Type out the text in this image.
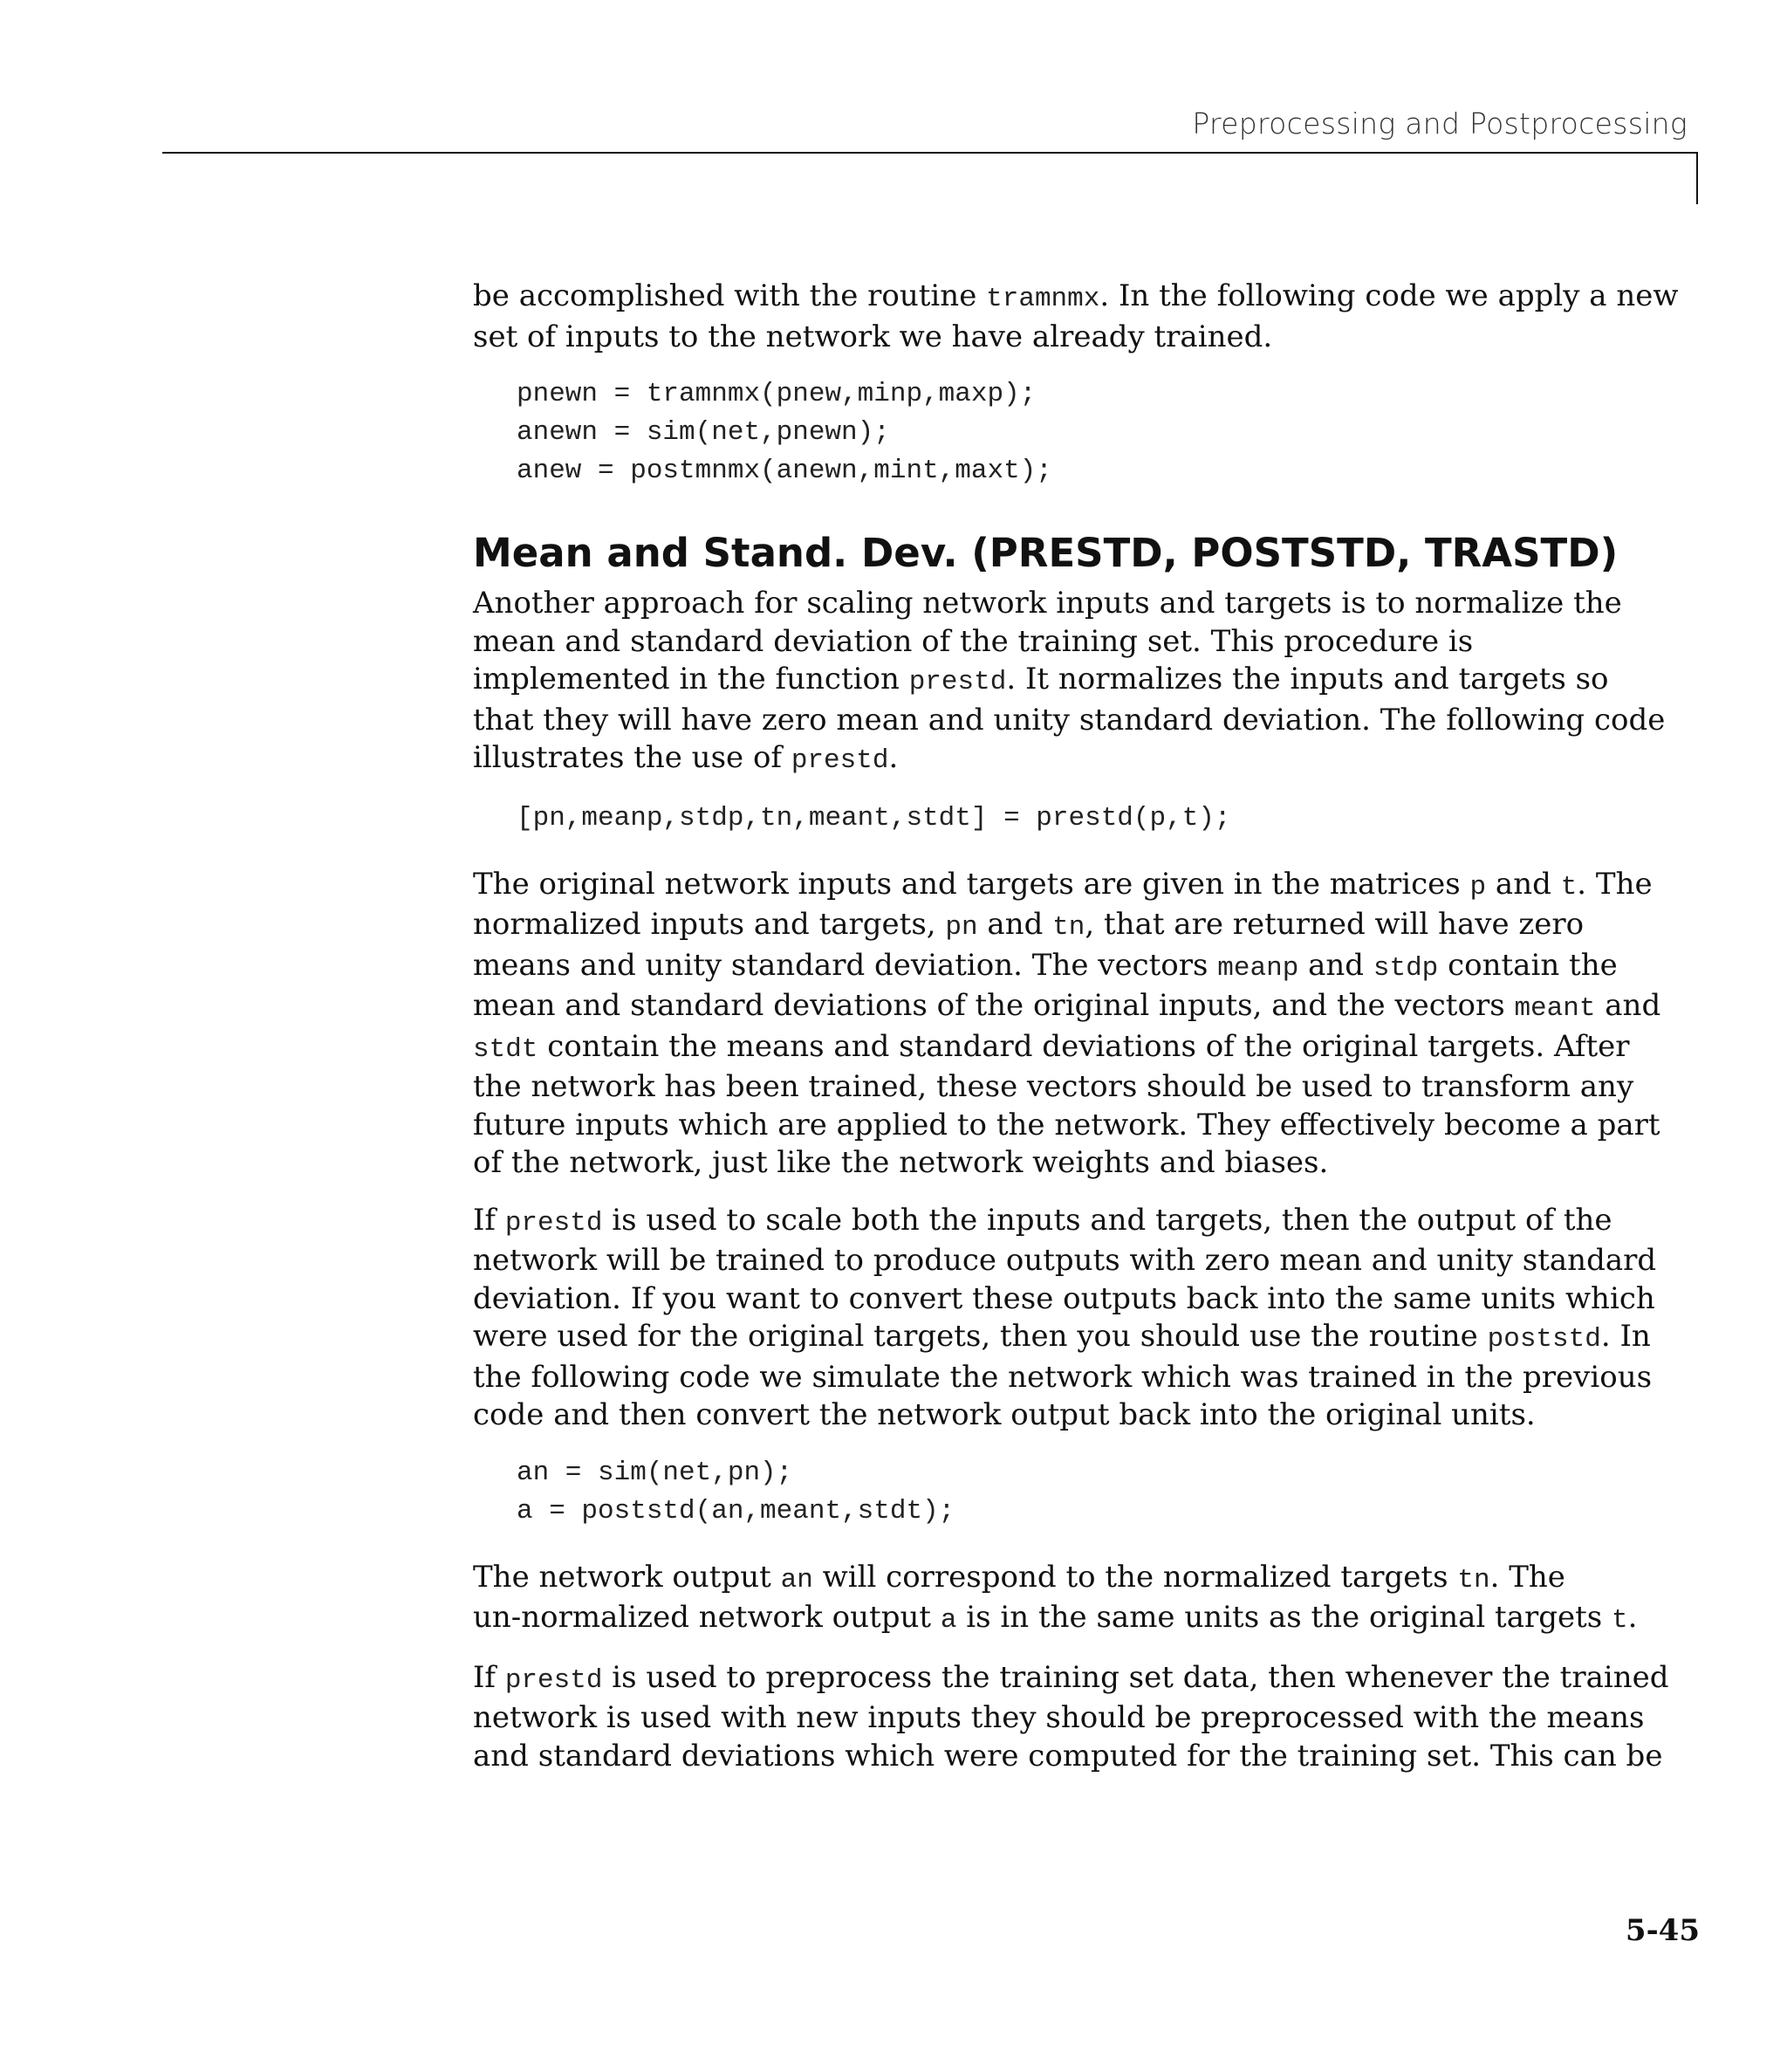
Preprocessing and Postprocessing

be accomplished with the routine tramnmx. In the following code we apply a new
set of inputs to the network we have already trained.

pnewn = tramnmx(pnew,minp,maxp);
anewn = sim(net,pnewn);
anew = postmnmx(anewn,mint,maxt);
Mean and Stand. Dev. (PRESTD, POSTSTD, TRASTD)

Another approach for scaling network inputs and targets is to normalize the
mean and standard deviation of the training set. This procedure is
implemented in the function prestd. It normalizes the inputs and targets so
that they will have zero mean and unity standard deviation. The following code
illustrates the use of prestd.

[pn,meanp,stdp,tn,meant,stdt] = prestd(p,t);

The original network inputs and targets are given in the matrices p and t. The
normalized inputs and targets, pn and tn, that are returned will have zero
means and unity standard deviation. The vectors meanp and stdp contain the
mean and standard deviations of the original inputs, and the vectors meant and
stdt contain the means and standard deviations of the original targets. After
the network has been trained, these vectors should be used to transform any
future inputs which are applied to the network. They effectively become a part
of the network, just like the network weights and biases.

If prestd is used to scale both the inputs and targets, then the output of the
network will be trained to produce outputs with zero mean and unity standard
deviation. If you want to convert these outputs back into the same units which
were used for the original targets, then you should use the routine poststd. In
the following code we simulate the network which was trained in the previous
code and then convert the network output back into the original units.

an = sim(net,pn);
a = poststd(an,meant,stdt);

The network output an will correspond to the normalized targets tn. The
un-normalized network output a is in the same units as the original targets t.

If prestd is used to preprocess the training set data, then whenever the trained
network is used with new inputs they should be preprocessed with the means
and standard deviations which were computed for the training set. This can be

5-45
